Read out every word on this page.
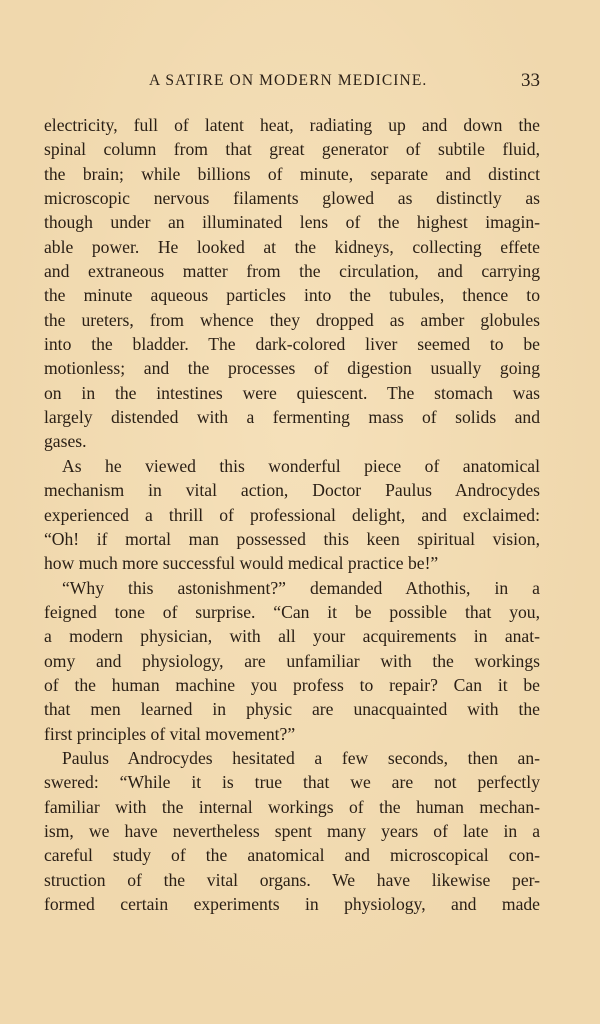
A SATIRE ON MODERN MEDICINE.	33
electricity, full of latent heat, radiating up and down the
spinal column from that great generator of subtile fluid,
the brain; while billions of minute, separate and distinct
microscopic nervous filaments glowed as distinctly as
though under an illuminated lens of the highest imagin-
able power. He looked at the kidneys, collecting effete
and extraneous matter from the circulation, and carrying
the minute aqueous particles into the tubules, thence to
the ureters, from whence they dropped as amber globules
into the bladder. The dark-colored liver seemed to be
motionless; and the processes of digestion usually going
on in the intestines were quiescent. The stomach was
largely distended with a fermenting mass of solids and
gases.
As he viewed this wonderful piece of anatomical
mechanism in vital action, Doctor Paulus Androcydes
experienced a thrill of professional delight, and exclaimed:
“Oh! if mortal man possessed this keen spiritual vision,
how much more successful would medical practice be!”
“Why this astonishment?” demanded Athothis, in a
feigned tone of surprise. “Can it be possible that you,
a modern physician, with all your acquirements in anat-
omy and physiology, are unfamiliar with the workings
of the human machine you profess to repair? Can it be
that men learned in physic are unacquainted with the
first principles of vital movement?”
Paulus Androcydes hesitated a few seconds, then an-
swered: “While it is true that we are not perfectly
familiar with the internal workings of the human mechan-
ism, we have nevertheless spent many years of late in a
careful study of the anatomical and microscopical con-
struction of the vital organs. We have likewise per-
formed certain experiments in physiology, and made
